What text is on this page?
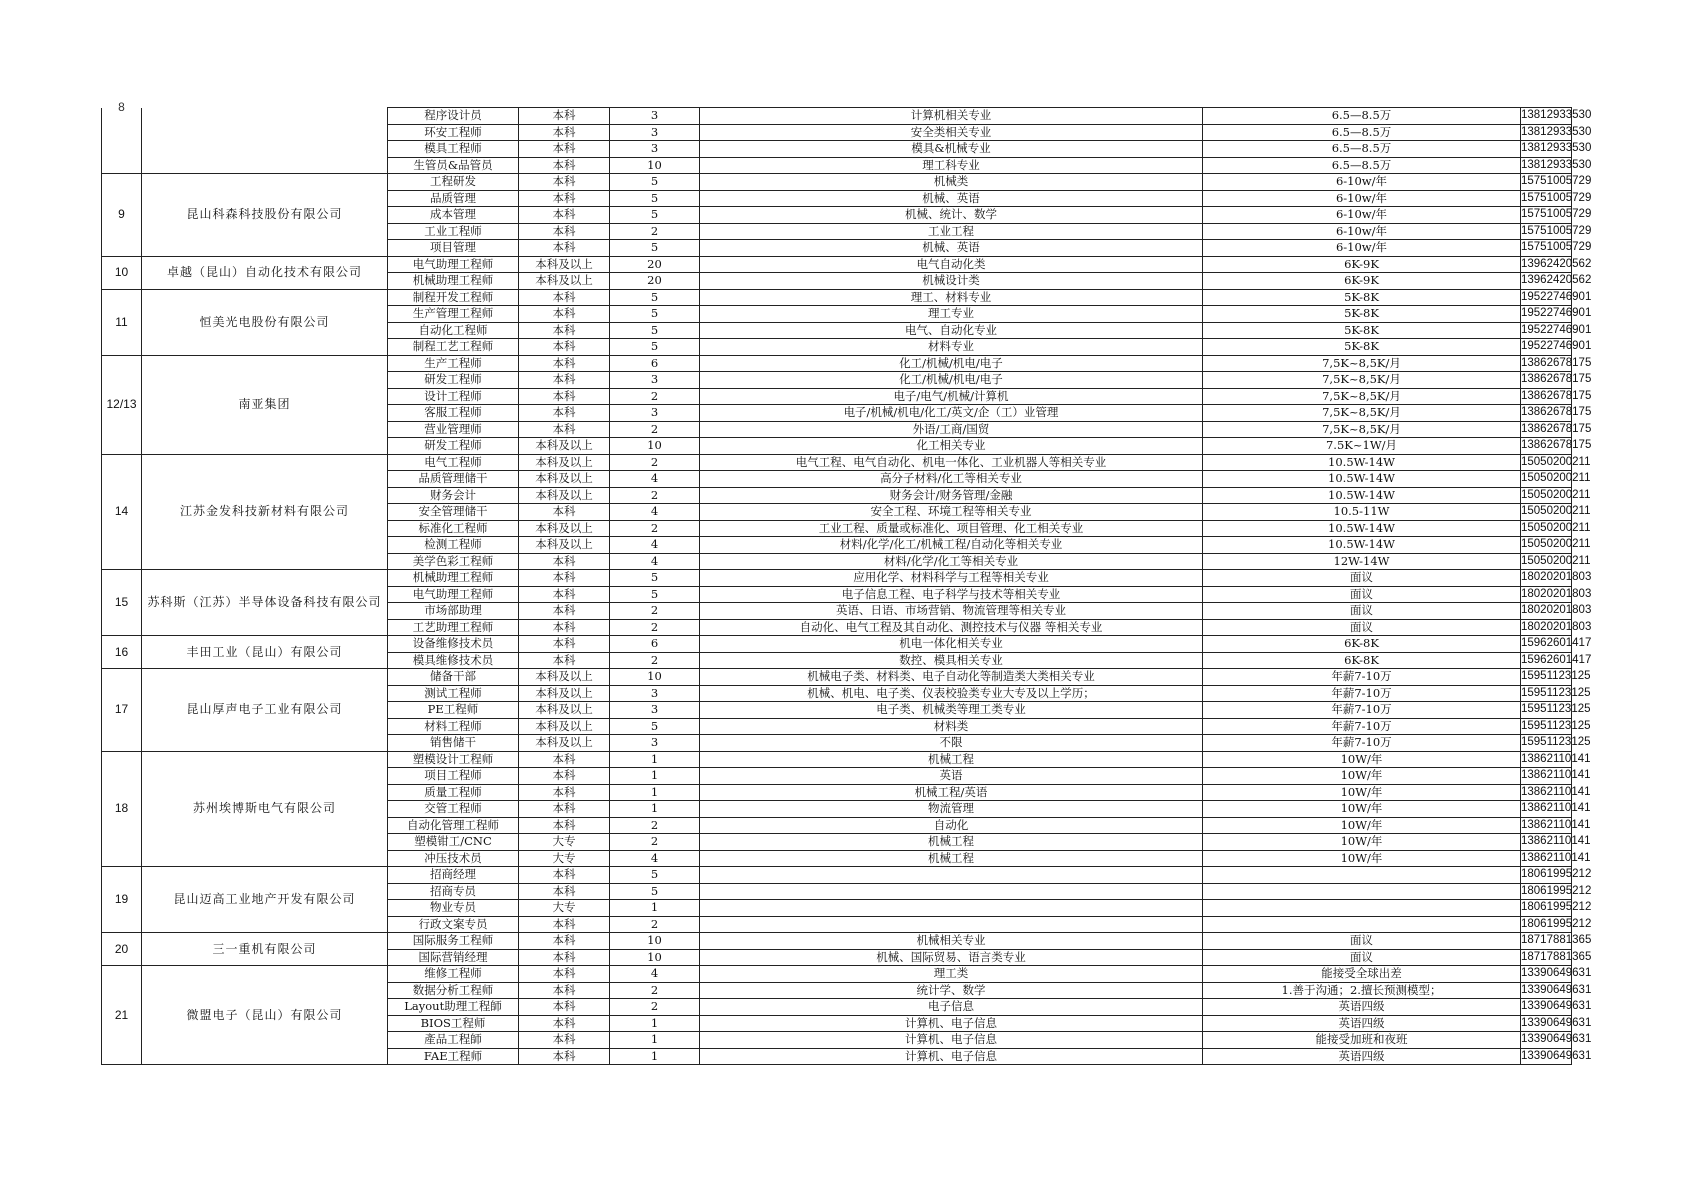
8		程序设计员	本科	3	计算机相关专业	6.5—8.5万	13812933530
		环安工程师	本科	3	安全类相关专业	6.5—8.5万	13812933530
		模具工程师	本科	3	模具&机械专业	6.5—8.5万	13812933530
		生管员&品管员	本科	10	理工科专业	6.5—8.5万	13812933530
9	昆山科森科技股份有限公司	工程研发	本科	5	机械类	6-10w/年	15751005729
		品质管理	本科	5	机械、英语	6-10w/年	15751005729
		成本管理	本科	5	机械、统计、数学	6-10w/年	15751005729
		工业工程师	本科	2	工业工程	6-10w/年	15751005729
		项目管理	本科	5	机械、英语	6-10w/年	15751005729
10	卓越（昆山）自动化技术有限公司	电气助理工程师	本科及以上	20	电气自动化类	6K-9K	13962420562
		机械助理工程师	本科及以上	20	机械设计类	6K-9K	13962420562
11	恒美光电股份有限公司	制程开发工程师	本科	5	理工、材料专业	5K-8K	19522746901
		生产管理工程师	本科	5	理工专业	5K-8K	19522746901
		自动化工程师	本科	5	电气、自动化专业	5K-8K	19522746901
		制程工艺工程师	本科	5	材料专业	5K-8K	19522746901
12/13	南亚集团	生产工程师	本科	6	化工/机械/机电/电子	7,5K~8,5K/月	13862678175
		研发工程师	本科	3	化工/机械/机电/电子	7,5K~8,5K/月	13862678175
		设计工程师	本科	2	电子/电气/机械/计算机	7,5K~8,5K/月	13862678175
		客服工程师	本科	3	电子/机械/机电/化工/英文/企（工）业管理	7,5K~8,5K/月	13862678175
		营业管理师	本科	2	外语/工商/国贸	7,5K~8,5K/月	13862678175
		研发工程师	本科及以上	10	化工相关专业	7.5K~1W/月	13862678175
14	江苏金发科技新材料有限公司	电气工程师	本科及以上	2	电气工程、电气自动化、机电一体化、工业机器人等相关专业	10.5W-14W	15050200211
		品质管理储干	本科及以上	4	高分子材料/化工等相关专业	10.5W-14W	15050200211
		财务会计	本科及以上	2	财务会计/财务管理/金融	10.5W-14W	15050200211
		安全管理储干	本科	4	安全工程、环境工程等相关专业	10.5-11W	15050200211
		标准化工程师	本科及以上	2	工业工程、质量或标准化、项目管理、化工相关专业	10.5W-14W	15050200211
		检测工程师	本科及以上	4	材料/化学/化工/机械工程/自动化等相关专业	10.5W-14W	15050200211
		美学色彩工程师	本科	4	材料/化学/化工等相关专业	12W-14W	15050200211
15	苏科斯（江苏）半导体设备科技有限公司	机械助理工程师	本科	5	应用化学、材料科学与工程等相关专业	面议	18020201803
		电气助理工程师	本科	5	电子信息工程、电子科学与技术等相关专业	面议	18020201803
		市场部助理	本科	2	英语、日语、市场营销、物流管理等相关专业	面议	18020201803
		工艺助理工程师	本科	2	自动化、电气工程及其自动化、测控技术与仪器 等相关专业	面议	18020201803
16	丰田工业（昆山）有限公司	设备维修技术员	本科	6	机电一体化相关专业	6K-8K	15962601417
		模具维修技术员	本科	2	数控、模具相关专业	6K-8K	15962601417
17	昆山厚声电子工业有限公司	储备干部	本科及以上	10	机械电子类、材料类、电子自动化等制造类大类相关专业	年薪7-10万	15951123125
		测试工程师	本科及以上	3	机械、机电、电子类、仪表校验类专业大专及以上学历；	年薪7-10万	15951123125
		PE工程师	本科及以上	3	电子类、机械类等理工类专业	年薪7-10万	15951123125
		材料工程师	本科及以上	5	材料类	年薪7-10万	15951123125
		销售储干	本科及以上	3	不限	年薪7-10万	15951123125
18	苏州埃博斯电气有限公司	塑模设计工程师	本科	1	机械工程	10W/年	13862110141
		项目工程师	本科	1	英语	10W/年	13862110141
		质量工程师	本科	1	机械工程/英语	10W/年	13862110141
		交管工程师	本科	1	物流管理	10W/年	13862110141
		自动化管理工程师	本科	2	自动化	10W/年	13862110141
		塑模钳工/CNC	大专	2	机械工程	10W/年	13862110141
		冲压技术员	大专	4	机械工程	10W/年	13862110141
19	昆山迈高工业地产开发有限公司	招商经理	本科	5			18061995212
		招商专员	本科	5			18061995212
		物业专员	大专	1			18061995212
		行政文案专员	本科	2			18061995212
20	三一重机有限公司	国际服务工程师	本科	10	机械相关专业	面议	18717881365
		国际营销经理	本科	10	机械、国际贸易、语言类专业	面议	18717881365
21	微盟电子（昆山）有限公司	维修工程师	本科	4	理工类	能接受全球出差	13390649631
		数据分析工程师	本科	2	统计学、数学	1.善于沟通；2.擅长预测模型；	13390649631
		Layout助理工程師	本科	2	电子信息	英语四级	13390649631
		BIOS工程师	本科	1	计算机、电子信息	英语四级	13390649631
		產品工程師	本科	1	计算机、电子信息	能接受加班和夜班	13390649631
		FAE工程师	本科	1	计算机、电子信息	英语四级	13390649631
